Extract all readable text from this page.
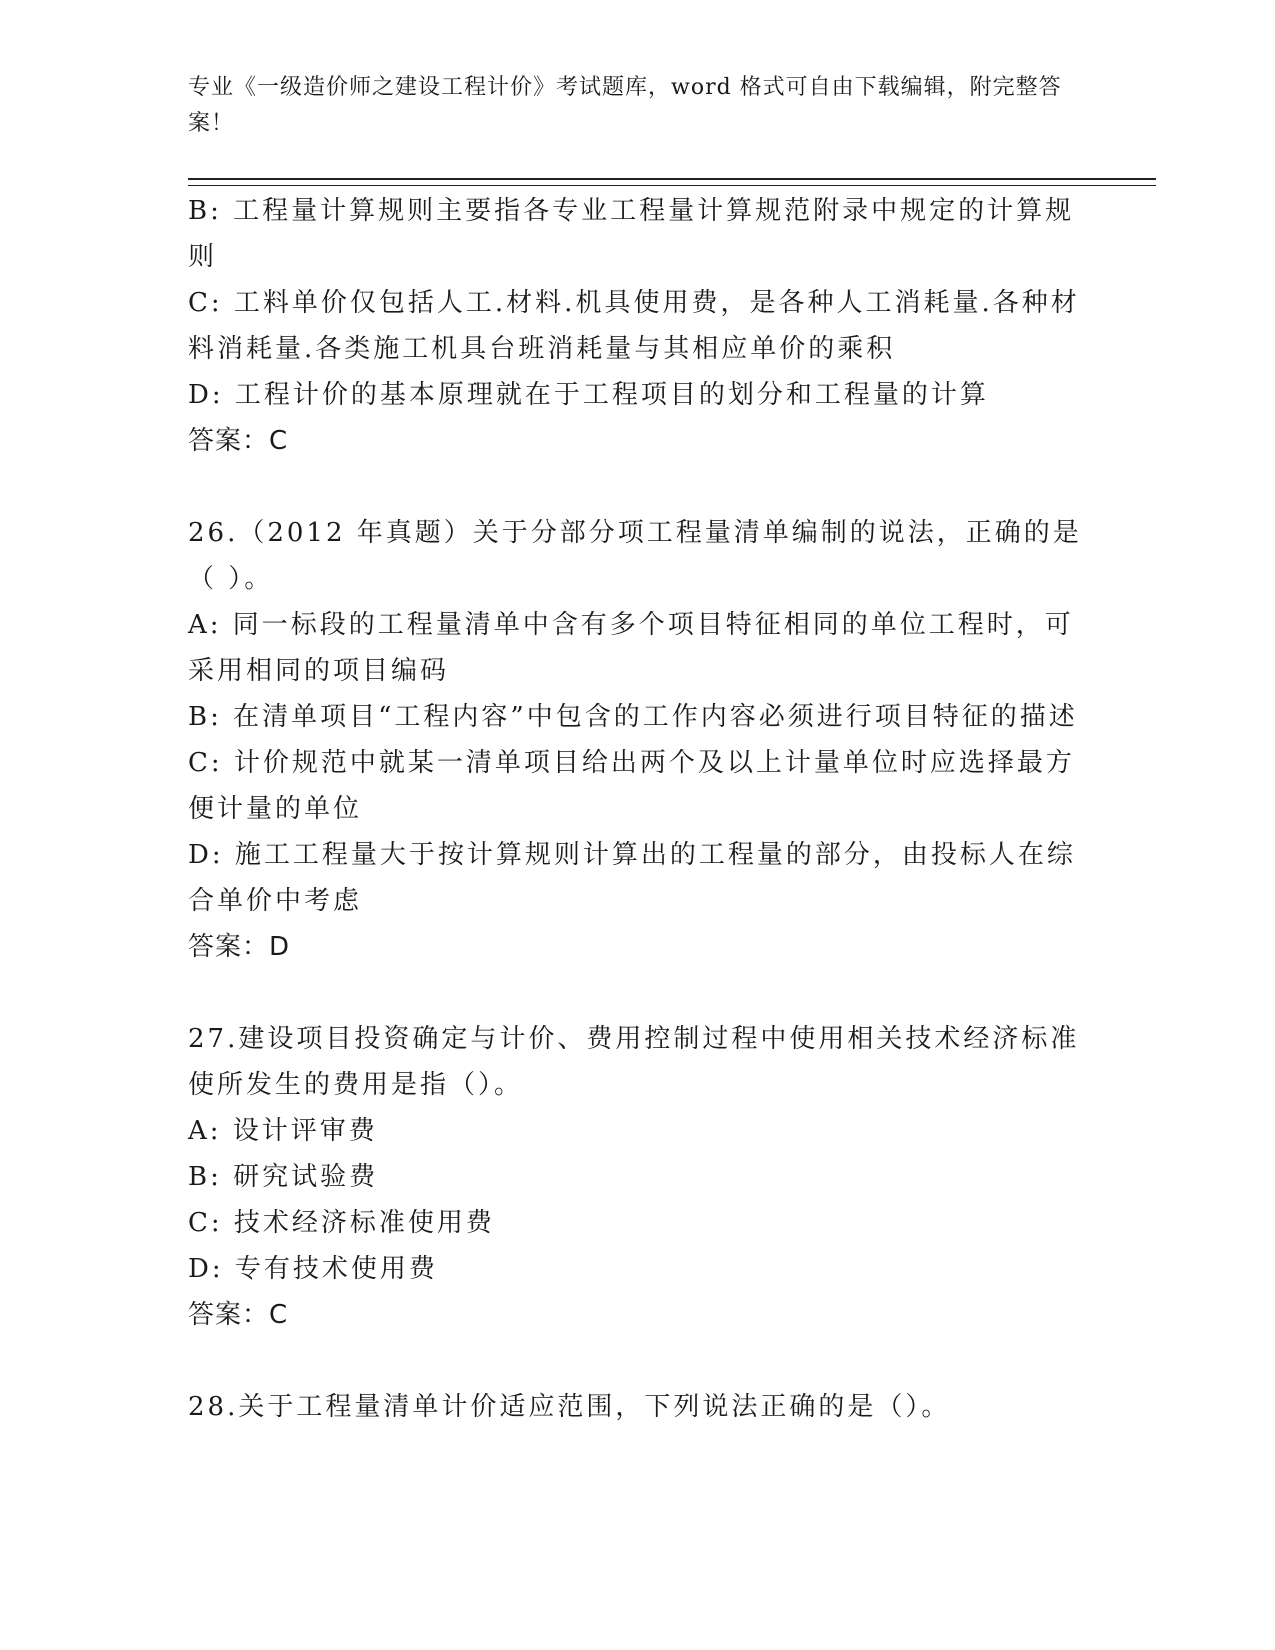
专业《一级造价师之建设工程计价》考试题库，word 格式可自由下载编辑，附完整答案！

B: 工程量计算规则主要指各专业工程量计算规范附录中规定的计算规则

C: 工料单价仅包括人工.材料.机具使用费，是各种人工消耗量.各种材料消耗量.各类施工机具台班消耗量与其相应单价的乘积

D: 工程计价的基本原理就在于工程项目的划分和工程量的计算

答案：C

26.（2012 年真题）关于分部分项工程量清单编制的说法，正确的是（ ）。

A: 同一标段的工程量清单中含有多个项目特征相同的单位工程时，可采用相同的项目编码

B: 在清单项目“工程内容”中包含的工作内容必须进行项目特征的描述

C: 计价规范中就某一清单项目给出两个及以上计量单位时应选择最方便计量的单位

D: 施工工程量大于按计算规则计算出的工程量的部分，由投标人在综合单价中考虑

答案：D

27.建设项目投资确定与计价、费用控制过程中使用相关技术经济标准使所发生的费用是指（）。

A: 设计评审费

B: 研究试验费

C: 技术经济标准使用费

D: 专有技术使用费

答案：C

28.关于工程量清单计价适应范围，下列说法正确的是（）。
